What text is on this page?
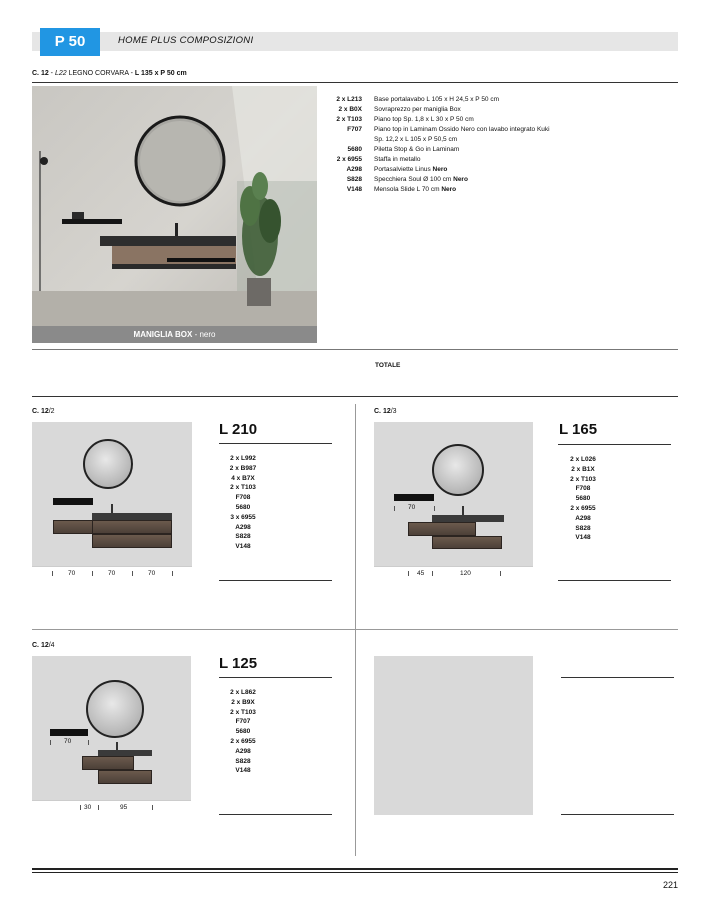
P 50	HOME PLUS COMPOSIZIONI
C. 12 - L22 LEGNO CORVARA - L 135 x P 50 cm
MANIGLIA BOX - nero
2 x L213	Base portalavabo L 105 x H 24,5 x P 50 cm
2 x B0X	Sovraprezzo per maniglia Box
2 x T103	Piano top Sp. 1,8 x L 30 x P 50 cm
F707	Piano top in Laminam Ossido Nero con lavabo integrato Kuki
Sp. 12,2 x L 105 x P 50,5 cm
5680	Piletta Stop & Go in Laminam
2 x 6955	Staffa in metallo
A298	Portasalviette Linus Nero
S828	Specchiera Soul Ø 100 cm Nero
V148	Mensola Slide L 70 cm Nero
TOTALE
C. 12/2
70	70	70
L 210
2 x L992
2 x B987
4 x B7X
2 x T103
F708
5680
3 x 6955
A298
S828
V148
C. 12/3
70
45	120
L 165
2 x L026
2 x B1X
2 x T103
F708
5680
2 x 6955
A298
S828
V148
C. 12/4
70
30	95
L 125
2 x L862
2 x B9X
2 x T103
F707
5680
2 x 6955
A298
S828
V148
221
